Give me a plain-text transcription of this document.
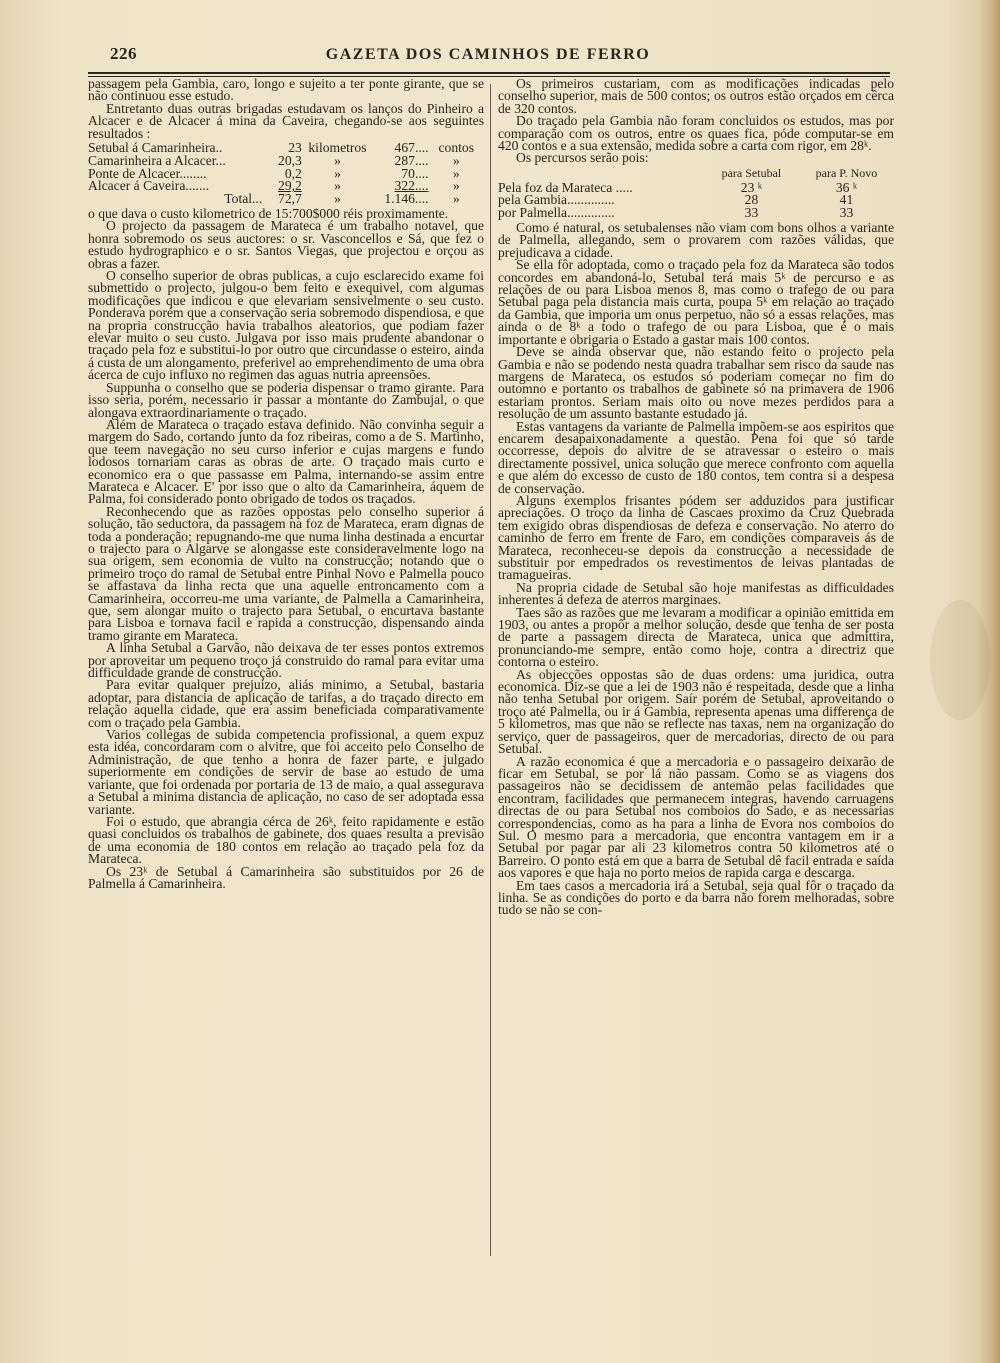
226	GAZETA DOS CAMINHOS DE FERRO

passagem pela Gambia, caro, longo e sujeito a ter ponte girante, que se não continuou esse estudo.

Entretanto duas outras brigadas estudavam os lanços do Pinheiro a Alcacer e de Alcacer á mina da Caveira, chegando-se aos seguintes resultados :

Setubal á Camarinheira..	23	kilometros	467....	contos
Camarinheira a Alcacer...	20,3	»	287....	»
Ponte de Alcacer........	0,2	»	70....	»
Alcacer á Caveira.......	29,2	»	322....	»
Total...	72,7	»	1.146....	»

o que dava o custo kilometrico de 15:700$000 réis proximamente.

O projecto da passagem de Marateca é um trabalho notavel, que honra sobremodo os seus auctores: o sr. Vasconcellos e Sá, que fez o estudo hydrographico e o sr. Santos Viegas, que projectou e orçou as obras a fazer.

O conselho superior de obras publicas, a cujo esclarecido exame foi submettido o projecto, julgou-o bem feito e exequivel, com algumas modificações que indicou e que elevariam sensivelmente o seu custo. Ponderava porém que a conservação seria sobremodo dispendiosa, e que na propria construcção havia trabalhos aleatorios, que podiam fazer elevar muito o seu custo. Julgava por isso mais prudente abandonar o traçado pela foz e substitui-lo por outro que circundasse o esteiro, ainda á custa de um alongamento, preferivel ao emprehendimento de uma obra ácerca de cujo influxo no regimen das aguas nutria apreensões.

Suppunha o conselho que se poderia dispensar o tramo girante. Para isso seria, porém, necessario ir passar a montante do Zambujal, o que alongava extraordinariamente o traçado.

Além de Marateca o traçado estava definido. Não convinha seguir a margem do Sado, cortando junto da foz ribeiras, como a de S. Martinho, que teem navegação no seu curso inferior e cujas margens e fundo lodosos tornariam caras as obras de arte. O traçado mais curto e economico era o que passasse em Palma, internando-se assim entre Marateca e Alcacer. E' por isso que o alto da Camarinheira, áquem de Palma, foi considerado ponto obrigado de todos os traçados.

Reconhecendo que as razões oppostas pelo conselho superior á solução, tão seductora, da passagem na foz de Marateca, eram dignas de toda a ponderação; repugnando-me que numa linha destinada a encurtar o trajecto para o Algarve se alongasse este consideravelmente logo na sua origem, sem economia de vulto na construcção; notando que o primeiro troço do ramal de Setubal entre Pinhal Novo e Palmella pouco se affastava da linha recta que una aquelle entroncamento com a Camarinheira, occorreu-me uma variante, de Palmella a Camarinheira, que, sem alongar muito o trajecto para Setubal, o encurtava bastante para Lisboa e tornava facil e rapida a construcção, dispensando ainda tramo girante em Marateca.

A linha Setubal a Garvão, não deixava de ter esses pontos extremos por aproveitar um pequeno troço já construido do ramal para evitar uma difficuldade grande de construcção.

Para evitar qualquer prejuizo, aliás minimo, a Setubal, bastaria adoptar, para distancia de aplicação de tarifas, a do traçado directo em relação aquella cidade, que era assim beneficiada comparativamente com o traçado pela Gambia.

Varios collegas de subida competencia profissional, a quem expuz esta idéa, concordaram com o alvitre, que foi acceito pelo Conselho de Administração, de que tenho a honra de fazer parte, e julgado superiormente em condições de servir de base ao estudo de uma variante, que foi ordenada por portaria de 13 de maio, a qual assegurava a Setubal a minima distancia de aplicação, no caso de ser adoptada essa variante.

Foi o estudo, que abrangia cérca de 26ᵏ, feito rapidamente e estão quasi concluidos os trabalhos de gabinete, dos quaes resulta a previsão de uma economia de 180 contos em relação ao traçado pela foz da Marateca.

Os 23ᵏ de Setubal á Camarinheira são substituidos por 26 de Palmella á Camarinheira.

Os primeiros custariam, com as modificações indicadas pelo conselho superior, mais de 500 contos; os outros estão orçados em cêrca de 320 contos.

Do traçado pela Gambia não foram concluidos os estudos, mas por comparação com os outros, entre os quaes fica, póde computar-se em 420 contos e a sua extensão, medida sobre a carta com rigor, em 28ᵏ.

Os percursos serão pois:

	para Setubal	para P. Novo
Pela foz da Marateca .....	23 ᵏ	36 ᵏ
pela Gambia..............	28	41
por Palmella..............	33	33

Como é natural, os setubalenses não viam com bons olhos a variante de Palmella, allegando, sem o provarem com razões válidas, que prejudicava a cidade.

Se ella fôr adoptada, como o traçado pela foz da Marateca são todos concordes em abandoná-lo, Setubal terá mais 5ᵏ de percurso e as relações de ou para Lisboa menos 8, mas como o trafego de ou para Setubal paga pela distancia mais curta, poupa 5ᵏ em relação ao traçado da Gambia, que imporia um onus perpetuo, não só a essas relações, mas ainda o de 8ᵏ a todo o trafego de ou para Lisboa, que é o mais importante e obrigaria o Estado a gastar mais 100 contos.

Deve se ainda observar que, não estando feito o projecto pela Gambia e não se podendo nesta quadra trabalhar sem risco da saude nas margens de Marateca, os estudos só poderiam começar no fim do outomno e portanto os trabalhos de gabinete só na primavera de 1906 estariam prontos. Seriam mais oito ou nove mezes perdidos para a resolução de um assunto bastante estudado já.

Estas vantagens da variante de Palmella impõem-se aos espiritos que encarem desapaixonadamente a questão. Pena foi que só tarde occorresse, depois do alvitre de se atravessar o esteiro o mais directamente possivel, unica solução que merece confronto com aquella e que além do excesso de custo de 180 contos, tem contra si a despesa de conservação.

Alguns exemplos frisantes pódem ser adduzidos para justificar apreciações. O troço da linha de Cascaes proximo da Cruz Quebrada tem exigido obras dispendiosas de defeza e conservação. No aterro do caminho de ferro em frente de Faro, em condições comparaveis ás de Marateca, reconheceu-se depois da construcção a necessidade de substituir por empedrados os revestimentos de leivas plantadas de tramagueiras.

Na propria cidade de Setubal são hoje manifestas as difficuldades inherentes á defeza de aterros marginaes.

Taes são as razões que me levaram a modificar a opinião emittida em 1903, ou antes a propôr a melhor solução, desde que tenha de ser posta de parte a passagem directa de Marateca, unica que admittira, pronunciando-me sempre, então como hoje, contra a directriz que contorna o esteiro.

As objecções oppostas são de duas ordens: uma juridica, outra economica. Diz-se que a lei de 1903 não é respeitada, desde que a linha não tenha Setubal por origem. Saír porém de Setubal, aproveitando o troço até Palmella, ou ir á Gambia, representa apenas uma differença de 5 kilometros, mas que não se reflecte nas taxas, nem na organização do serviço, quer de passageiros, quer de mercadorias, directo de ou para Setubal.

A razão economica é que a mercadoria e o passageiro deixarão de ficar em Setubal, se por lá não passam. Como se as viagens dos passageiros não se decidissem de antemão pelas facilidades que encontram, facilidades que permanecem integras, havendo carruagens directas de ou para Setubal nos comboios do Sado, e as necessarias correspondencias, como as ha para a linha de Evora nos comboios do Sul. O mesmo para a mercadoria, que encontra vantagem em ir a Setubal por pagar par ali 23 kilometros contra 50 kilometros até o Barreiro. O ponto está em que a barra de Setubal dê facil entrada e saída aos vapores e que haja no porto meios de rapida carga e descarga.

Em taes casos a mercadoria irá a Setubal, seja qual fôr o traçado da linha. Se as condições do porto e da barra não forem melhoradas, sobre tudo se não se con-
